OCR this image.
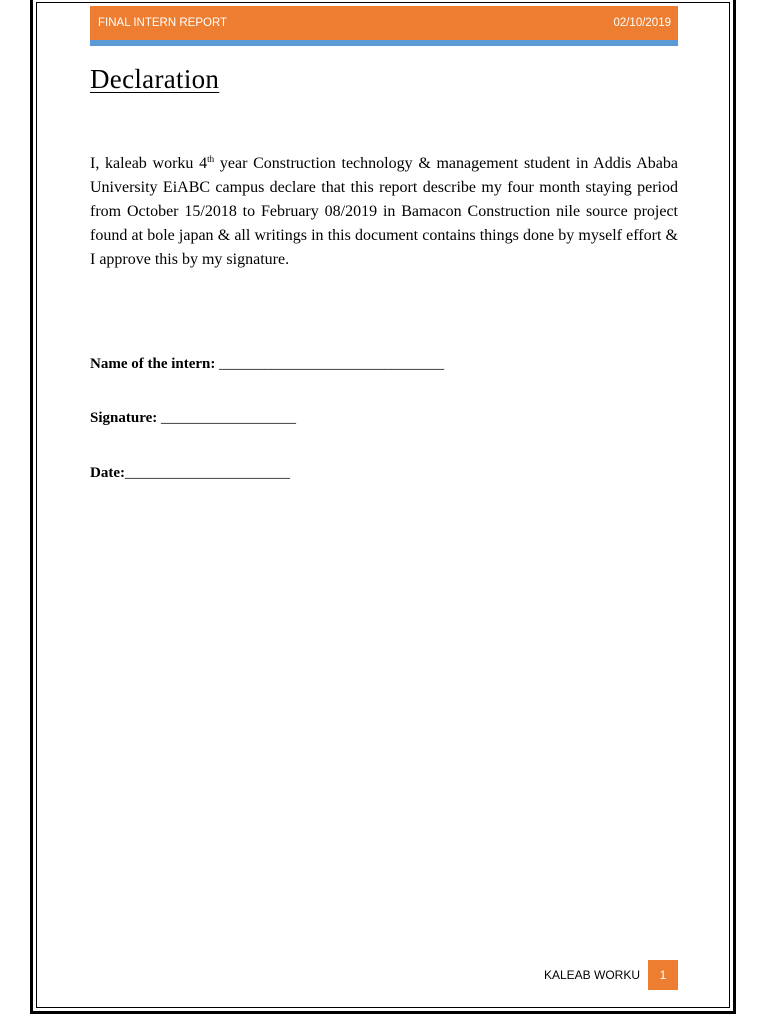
FINAL INTERN REPORT	02/10/2019
Declaration

I, kaleab worku 4th year Construction technology & management student in Addis Ababa University EiABC campus declare that this report describe my four month staying period from October 15/2018 to February 08/2019 in Bamacon Construction nile source project found at bole japan & all writings in this document contains things done by myself effort & I approve this by my signature.

Name of the intern: ______________________________

Signature: __________________

Date:______________________

KALEAB WORKU	1
